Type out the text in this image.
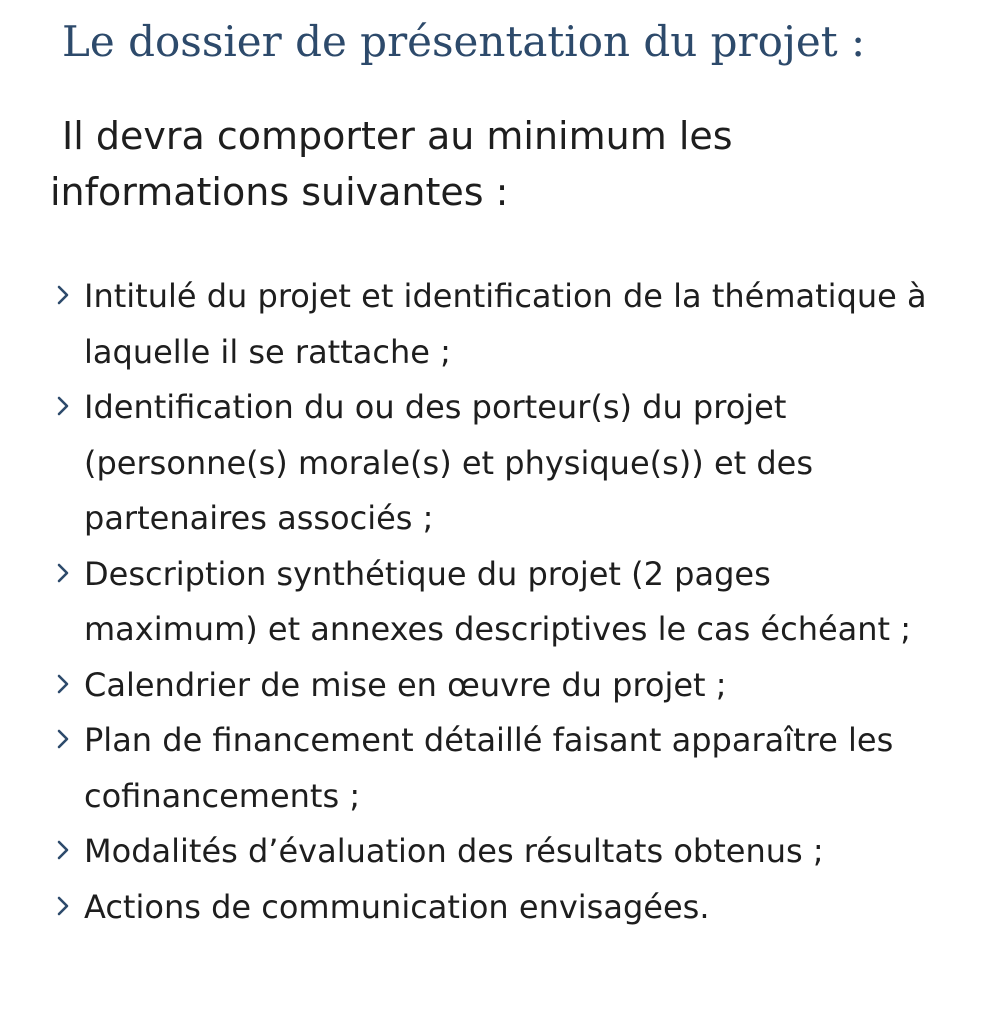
Le dossier de présentation du projet :

Il devra comporter au minimum les informations suivantes :

Intitulé du projet et identification de la thématique à laquelle il se rattache ;
Identification du ou des porteur(s) du projet (personne(s) morale(s) et physique(s)) et des partenaires associés ;
Description synthétique du projet (2 pages maximum) et annexes descriptives le cas échéant ;
Calendrier de mise en œuvre du projet ;
Plan de financement détaillé faisant apparaître les cofinancements ;
Modalités d’évaluation des résultats obtenus ;
Actions de communication envisagées.
